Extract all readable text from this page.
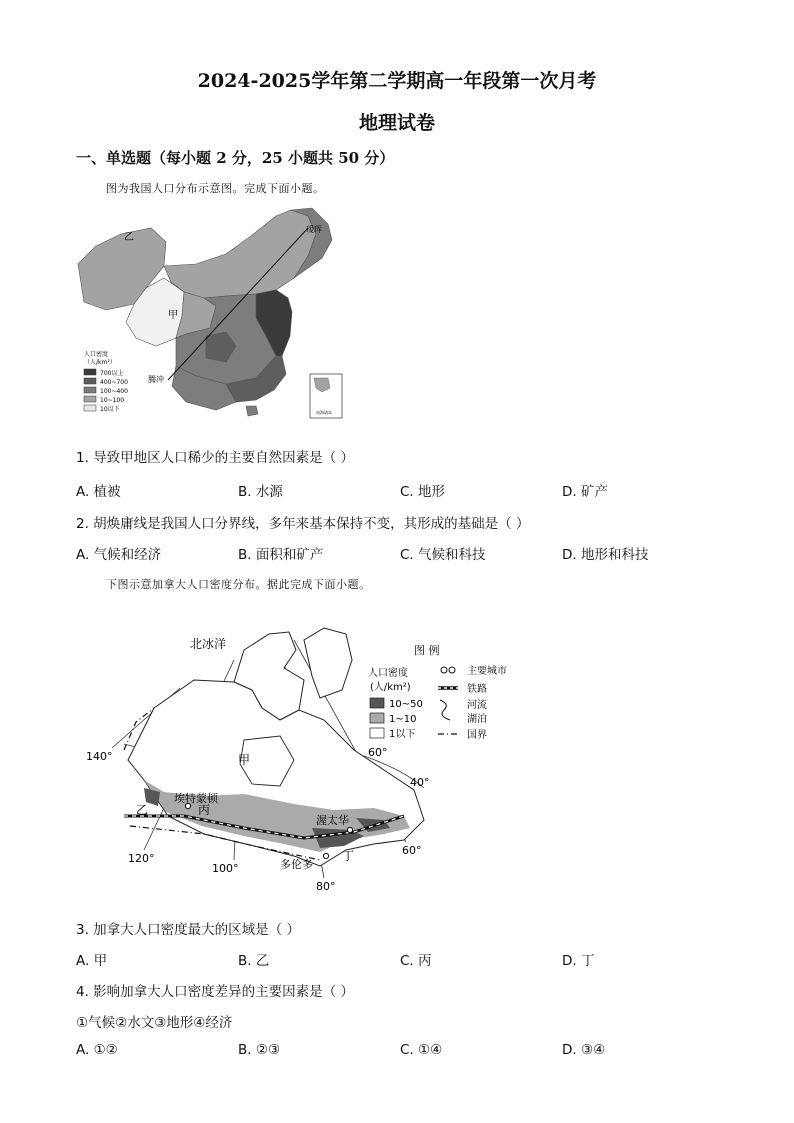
2024-2025学年第二学期高一年段第一次月考
地理试卷
一、单选题（每小题 2 分，25 小题共 50 分）
图为我国人口分布示意图。完成下面小题。
乙
甲
瑷珲
腾冲
人口密度
（人/km²）
700以上
400~700
100~400
10~100
10以下	南海诸岛
1. 导致甲地区人口稀少的主要自然因素是（ ）
A. 植被	B. 水源	C. 地形	D. 矿产
2. 胡焕庸线是我国人口分界线，多年来基本保持不变，其形成的基础是（ ）
A. 气候和经济	B. 面积和矿产	C. 气候和科技	D. 地形和科技
下图示意加拿大人口密度分布。据此完成下面小题。
北冰洋
甲
乙	丙
丁
埃特蒙顿
渥太华
多伦多
140°
120°
100°
80°
60°
40°
60°
图 例
人口密度
(人/km²)
10~50
1~10
1以下
主要城市
铁路
河流
湖泊
国界
3. 加拿大人口密度最大的区域是（ ）
A. 甲	B. 乙	C. 丙	D. 丁
4. 影响加拿大人口密度差异的主要因素是（ ）
①气候②水文③地形④经济
A. ①②	B. ②③	C. ①④	D. ③④
